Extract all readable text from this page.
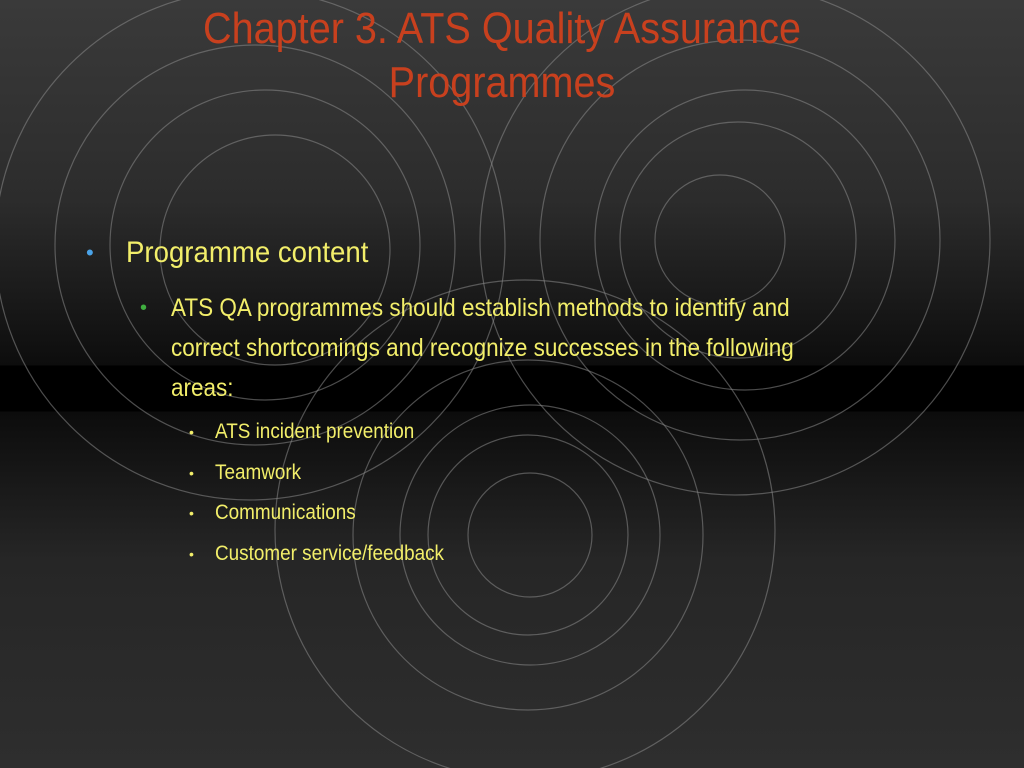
Chapter 3. ATS Quality Assurance
Programmes
•	Programme content
• ATS QA programmes should establish methods to identify and correct shortcomings and recognize successes in the following areas:
•	ATS incident prevention
•	Teamwork
•	Communications
•	Customer service/feedback
